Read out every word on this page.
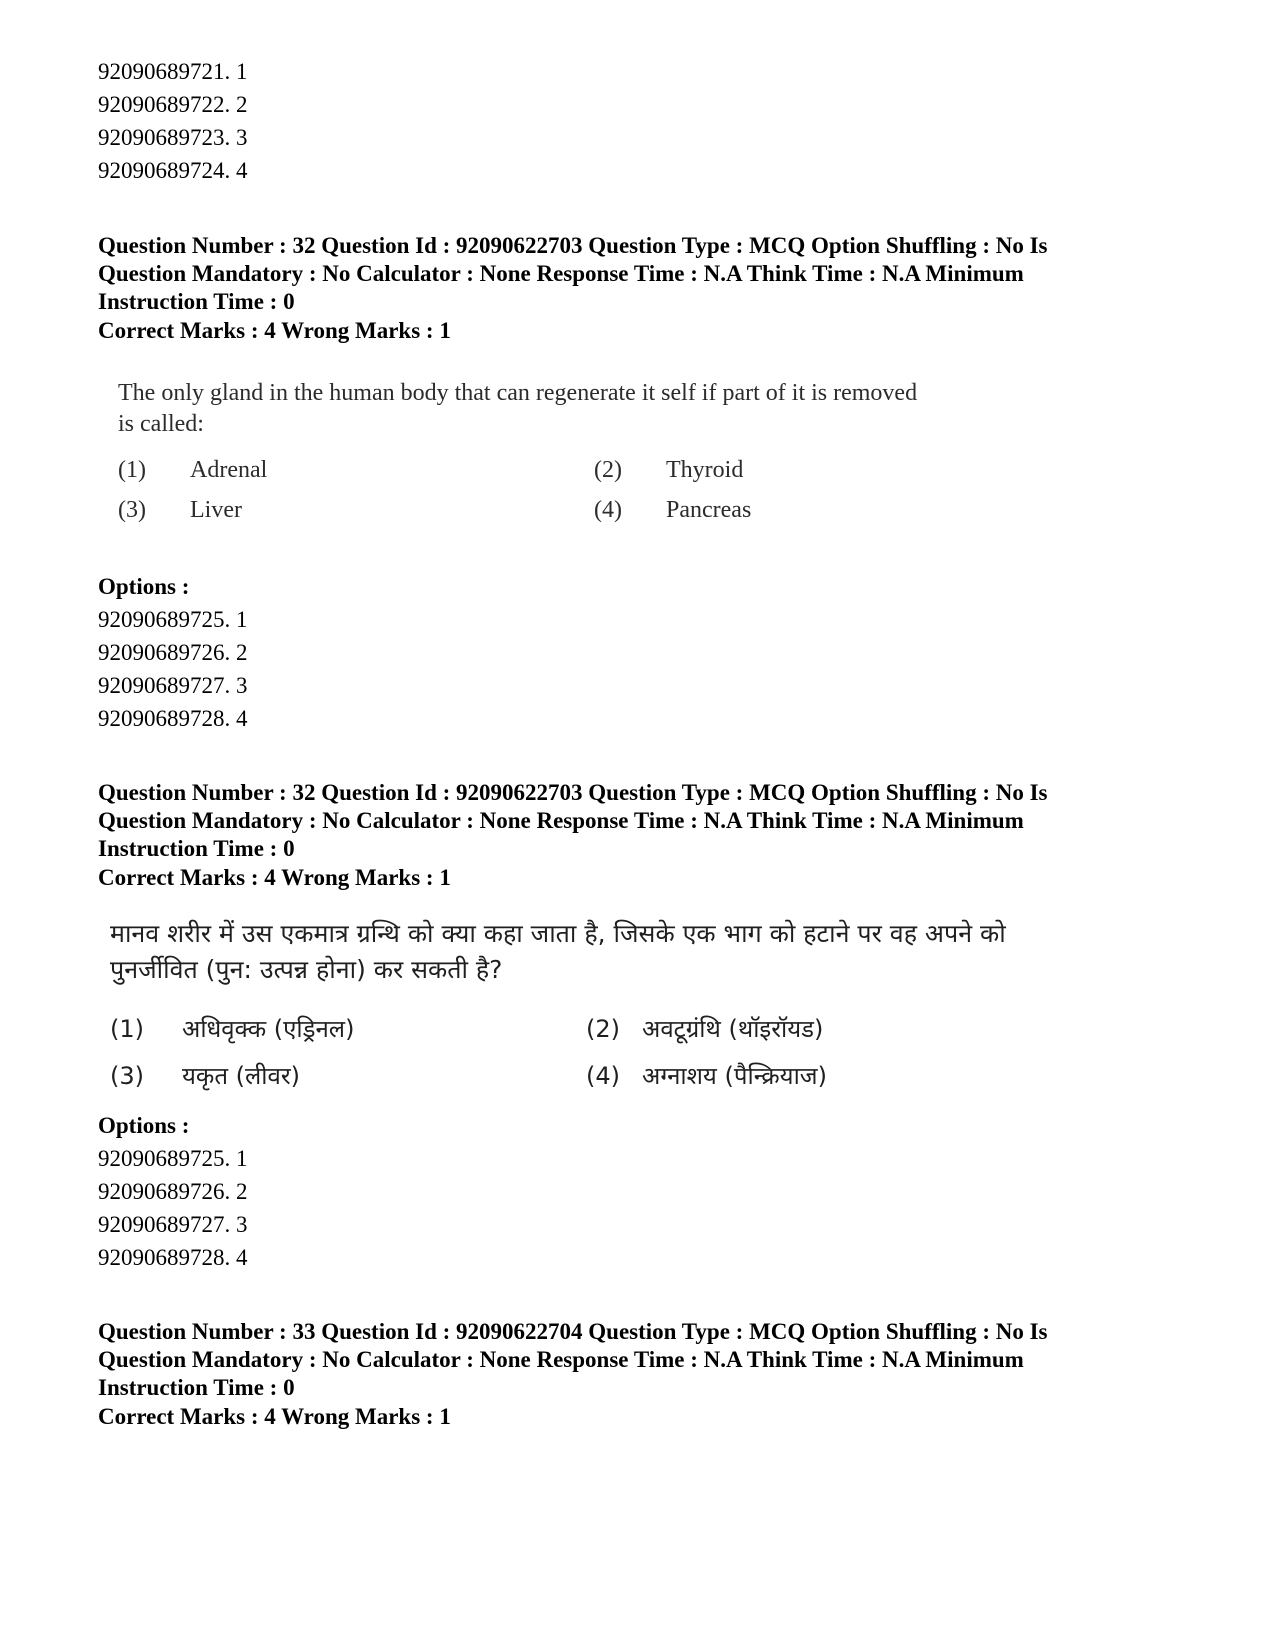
92090689721. 1
92090689722. 2
92090689723. 3
92090689724. 4
Question Number : 32 Question Id : 92090622703 Question Type : MCQ Option Shuffling : No Is
Question Mandatory : No Calculator : None Response Time : N.A Think Time : N.A Minimum
Instruction Time : 0
Correct Marks : 4 Wrong Marks : 1
The only gland in the human body that can regenerate it self if part of it is removed
is called:
(1) Adrenal	(2) Thyroid
(3) Liver	(4) Pancreas
Options :
92090689725. 1
92090689726. 2
92090689727. 3
92090689728. 4
Question Number : 32 Question Id : 92090622703 Question Type : MCQ Option Shuffling : No Is
Question Mandatory : No Calculator : None Response Time : N.A Think Time : N.A Minimum
Instruction Time : 0
Correct Marks : 4 Wrong Marks : 1
मानव शरीर में उस एकमात्र ग्रन्थि को क्या कहा जाता है, जिसके एक भाग को हटाने पर वह अपने को
पुनर्जीवित (पुन: उत्पन्न होना) कर सकती है?
(1) अधिवृक्क (एड्रिनल)	(2) अवटूग्रंथि (थॉइरॉयड)
(3) यकृत (लीवर)	(4) अग्नाशय (पैन्क्रियाज)
Options :
92090689725. 1
92090689726. 2
92090689727. 3
92090689728. 4
Question Number : 33 Question Id : 92090622704 Question Type : MCQ Option Shuffling : No Is
Question Mandatory : No Calculator : None Response Time : N.A Think Time : N.A Minimum
Instruction Time : 0
Correct Marks : 4 Wrong Marks : 1
